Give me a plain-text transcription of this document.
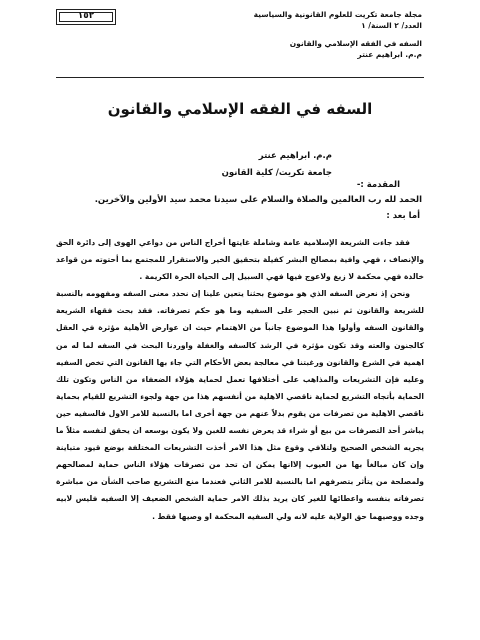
١٥٢	مجلة جامعة تكريت للعلوم القانونية والسياسية
العدد/ ٢ السنة/ ١
السفه في الفقه الإسلامي والقانون
م.م. ابراهيم عنتر
السفه في الفقه الإسلامي والقانون
م.م. ابراهيم عنتر
جامعة تكريت/ كلية القانون
المقدمة :-
الحمد لله رب العالمين والصلاة والسلام على سيدنا محمد سيد الأولين والآخرين.
أما بعد :

فقد جاءت الشريعة الإسلامية عامة وشاملة غايتها أخراج الناس من دواعي الهوى إلى دائرة الحق والإنصاف ، فهي وافية بمصالح البشر كفيلة بتحقيق الخير والاستقرار للمجتمع بما أحتوته من قواعد خالدة فهي محكمة لا زيغ ولاعوج فيها فهي السبيل إلى الحياة الحرة الكريمة .

ونحن إذ نعرض السفه الذي هو موضوع بحثنا يتعين علينا إن نحدد معنى السفه ومفهومه بالنسبة للشريعة والقانون ثم نبين الحجر على السفيه وما هو حكم تصرفاته. فقد بحث فقهاء الشريعة والقانون السفه وأولوا هذا الموضوع جانباً من الاهتمام حيث ان عوارض الأهلية مؤثرة في العقل كالجنون والعته وقد تكون مؤثرة في الرشد كالسفه والغفلة واوردنا البحث في السفه لما له من اهمية في الشرع والقانون ورغبتنا في معالجة بعض الأحكام التي جاء بها القانون التي تخص السفيه وعليه فإن التشريعات والمذاهب على أختلافها تعمل لحماية هؤلاء الضعفاء من الناس وتكون تلك الحماية بأتجاه التشريع لحماية ناقصي الاهلية من أنفسهم هذا من جهة ولجوء التشريع للقيام بحماية ناقصي الاهلية من تصرفات من يقوم بدلاً عنهم من جهة أخرى اما بالنسبة للامر الاول فالسفيه حين يباشر أحد التصرفات من بيع أو شراء قد يعرض نفسه للغبن ولا يكون بوسعه ان يحقق لنفسه مثلاً ما يجريه الشخص الصحيح ولتلافي وقوع مثل هذا الامر أخذت التشريعات المختلفة بوضع قيود متباينة وإن كان مبالغاً بها من العيوب إلاانها يمكن ان تحد من تصرفات هؤلاء الناس حماية لمصالحهم ولمصلحة من يتأثر بتصرفهم اما بالنسبة للامر الثاني فعندما منع التشريع صاحب الشأن من مباشرة تصرفاته بنفسه واعطائها للغير كان يريد بذلك الامر حماية الشخص الضعيف إلا السفيه فليس لابيه وجده ووصيهما حق الولاية عليه لانه ولي السفيه المحكمة او وصيها فقط .
